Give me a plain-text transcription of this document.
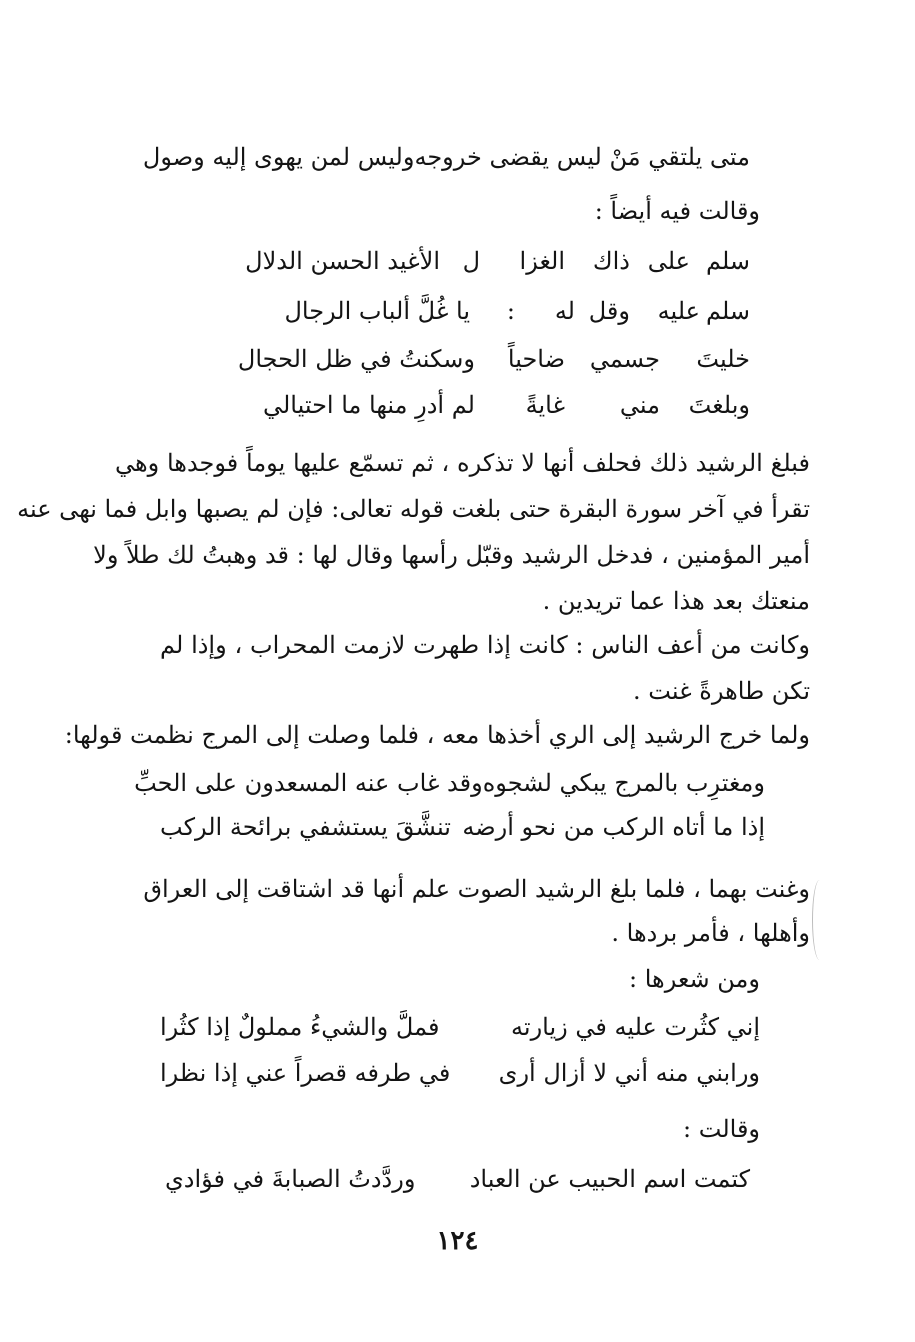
متى يلتقي مَنْ ليس يقضى خروجه
وليس لمن يهوى إليه وصول
وقالت فيه أيضاً :
سلم
على
ذاك
الغزا
ل
الأغيد الحسن الدلال
سلم
عليه
وقل
له
:
يا غُلَّ ألباب الرجال
خليتَ
جسمي
ضاحياً
وسكنتُ في ظل الحجال
وبلغتَ
مني
غايةً
لم أدرِ منها ما احتيالي
فبلغ الرشيد ذلك فحلف أنها لا تذكره ، ثم تسمّع عليها يوماً فوجدها وهي
تقرأ في آخر سورة البقرة حتى بلغت قوله تعالى: فإن لم يصبها وابل فما نهى عنه
أمير المؤمنين ، فدخل الرشيد وقبّل رأسها وقال لها : قد وهبتُ لك طلاً ولا
منعتك بعد هذا عما تريدين .
وكانت من أعف الناس : كانت إذا طهرت لازمت المحراب ، وإذا لم
تكن طاهرةً غنت .
ولما خرج الرشيد إلى الري أخذها معه ، فلما وصلت إلى المرج نظمت قولها:
ومغترِب بالمرج يبكي لشجوه
وقد غاب عنه المسعدون على الحبِّ
إذا ما أتاه الركب من نحو أرضه
تنشَّقَ يستشفي برائحة الركب
وغنت بهما ، فلما بلغ الرشيد الصوت علم أنها قد اشتاقت إلى العراق
وأهلها ، فأمر بردها .
ومن شعرها :
إني كثُرت عليه في زيارته
فملَّ والشيءُ مملولٌ إذا كثُرا
ورابني منه أني لا أزال أرى
في طرفه قصراً عني إذا نظرا
وقالت :
كتمت اسم الحبيب عن العباد
وردَّدتُ الصبابةَ في فؤادي
١٢٤
